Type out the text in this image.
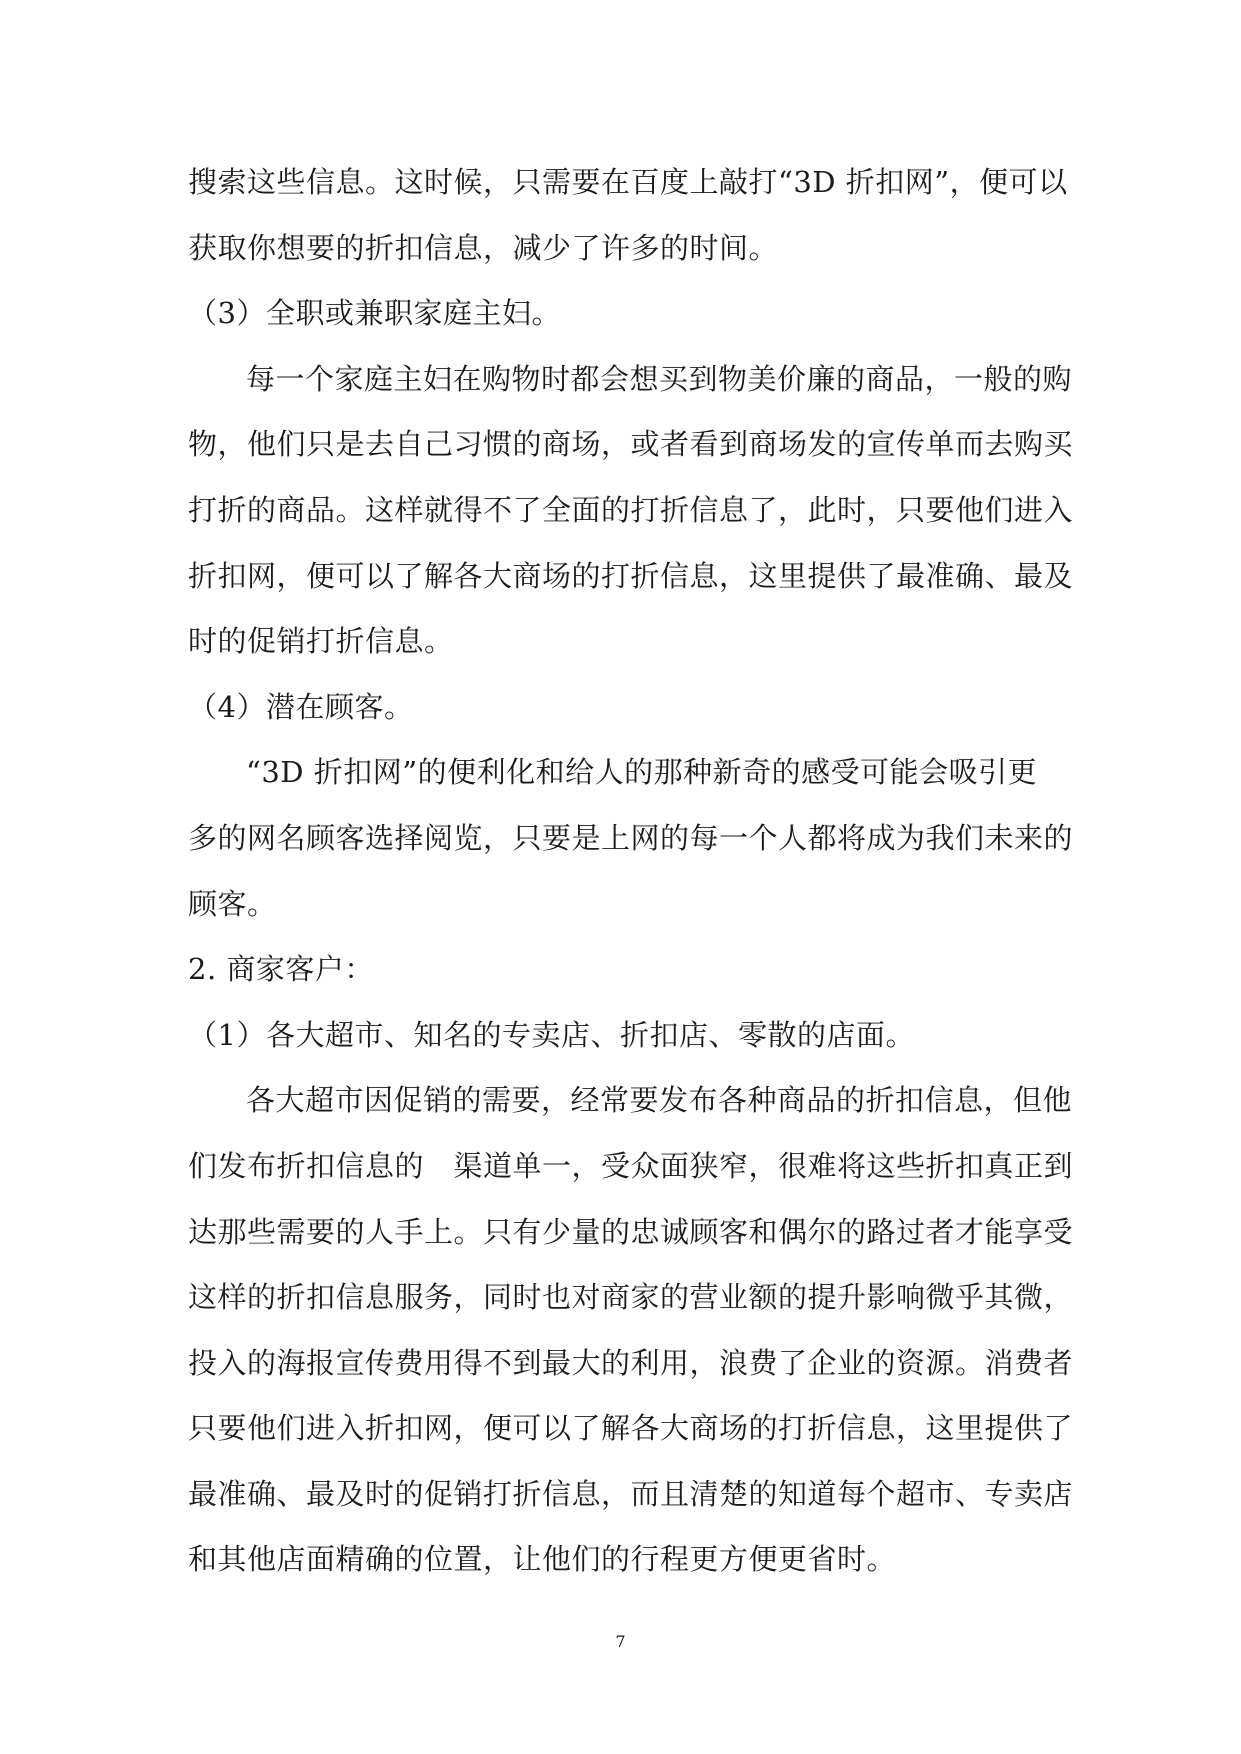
搜索这些信息。这时候，只需要在百度上敲打“3D 折扣网”，便可以
获取你想要的折扣信息，减少了许多的时间。
（3）全职或兼职家庭主妇。
每一个家庭主妇在购物时都会想买到物美价廉的商品，一般的购
物，他们只是去自己习惯的商场，或者看到商场发的宣传单而去购买
打折的商品。这样就得不了全面的打折信息了，此时，只要他们进入
折扣网，便可以了解各大商场的打折信息，这里提供了最准确、最及
时的促销打折信息。
（4）潜在顾客。
“3D 折扣网”的便利化和给人的那种新奇的感受可能会吸引更
多的网名顾客选择阅览，只要是上网的每一个人都将成为我们未来的
顾客。
2. 商家客户：
（1）各大超市、知名的专卖店、折扣店、零散的店面。
各大超市因促销的需要，经常要发布各种商品的折扣信息，但他
们发布折扣信息的　渠道单一，受众面狭窄，很难将这些折扣真正到
达那些需要的人手上。只有少量的忠诚顾客和偶尔的路过者才能享受
这样的折扣信息服务，同时也对商家的营业额的提升影响微乎其微，
投入的海报宣传费用得不到最大的利用，浪费了企业的资源。消费者
只要他们进入折扣网，便可以了解各大商场的打折信息，这里提供了
最准确、最及时的促销打折信息，而且清楚的知道每个超市、专卖店
和其他店面精确的位置，让他们的行程更方便更省时。
7
